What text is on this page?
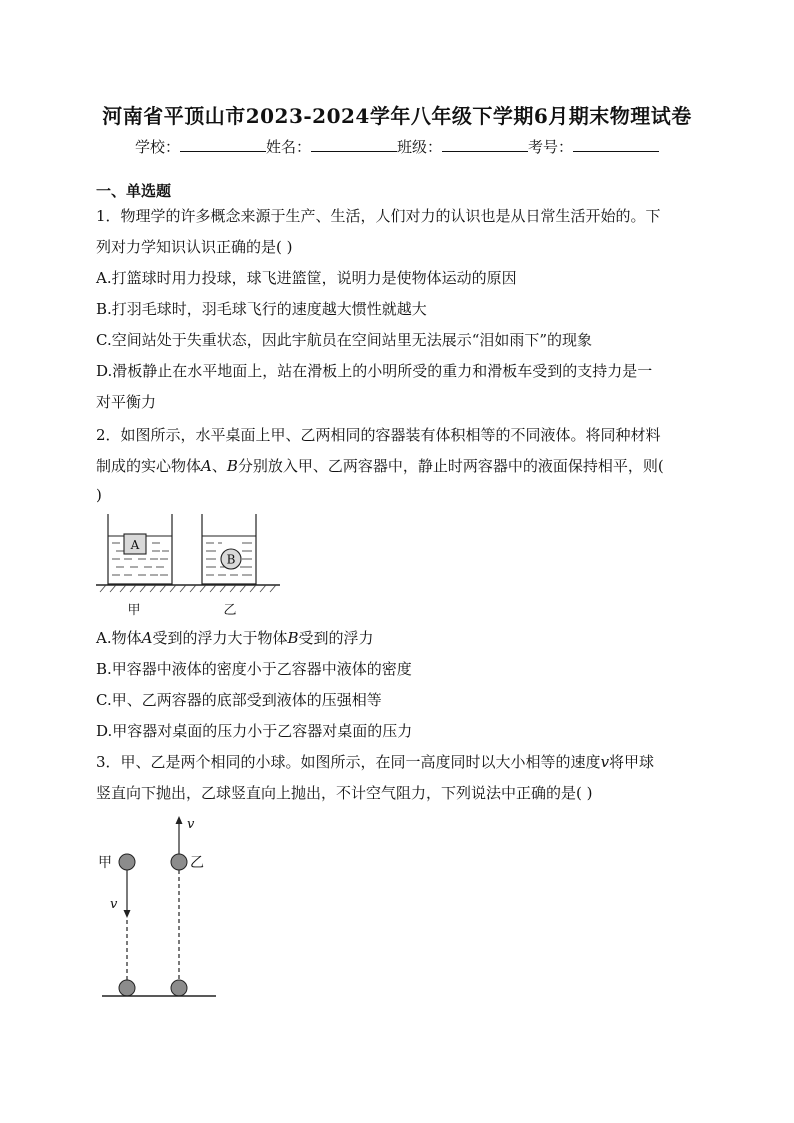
河南省平顶山市2023-2024学年八年级下学期6月期末物理试卷
学校：	姓名：	班级：	考号：
一、单选题
1．物理学的许多概念来源于生产、生活，人们对力的认识也是从日常生活开始的。下
列对力学知识认识正确的是( )
A.打篮球时用力投球，球飞进篮筐，说明力是使物体运动的原因
B.打羽毛球时，羽毛球飞行的速度越大惯性就越大
C.空间站处于失重状态，因此宇航员在空间站里无法展示“泪如雨下”的现象
D.滑板静止在水平地面上，站在滑板上的小明所受的重力和滑板车受到的支持力是一
对平衡力
2．如图所示，水平桌面上甲、乙两相同的容器装有体积相等的不同液体。将同种材料
制成的实心物体A、B分别放入甲、乙两容器中，静止时两容器中的液面保持相平，则(
)
A
B
甲	乙
A.物体A受到的浮力大于物体B受到的浮力
B.甲容器中液体的密度小于乙容器中液体的密度
C.甲、乙两容器的底部受到液体的压强相等
D.甲容器对桌面的压力小于乙容器对桌面的压力
3．甲、乙是两个相同的小球。如图所示，在同一高度同时以大小相等的速度v将甲球
竖直向下抛出，乙球竖直向上抛出，不计空气阻力，下列说法中正确的是( )
v
甲	乙
v
